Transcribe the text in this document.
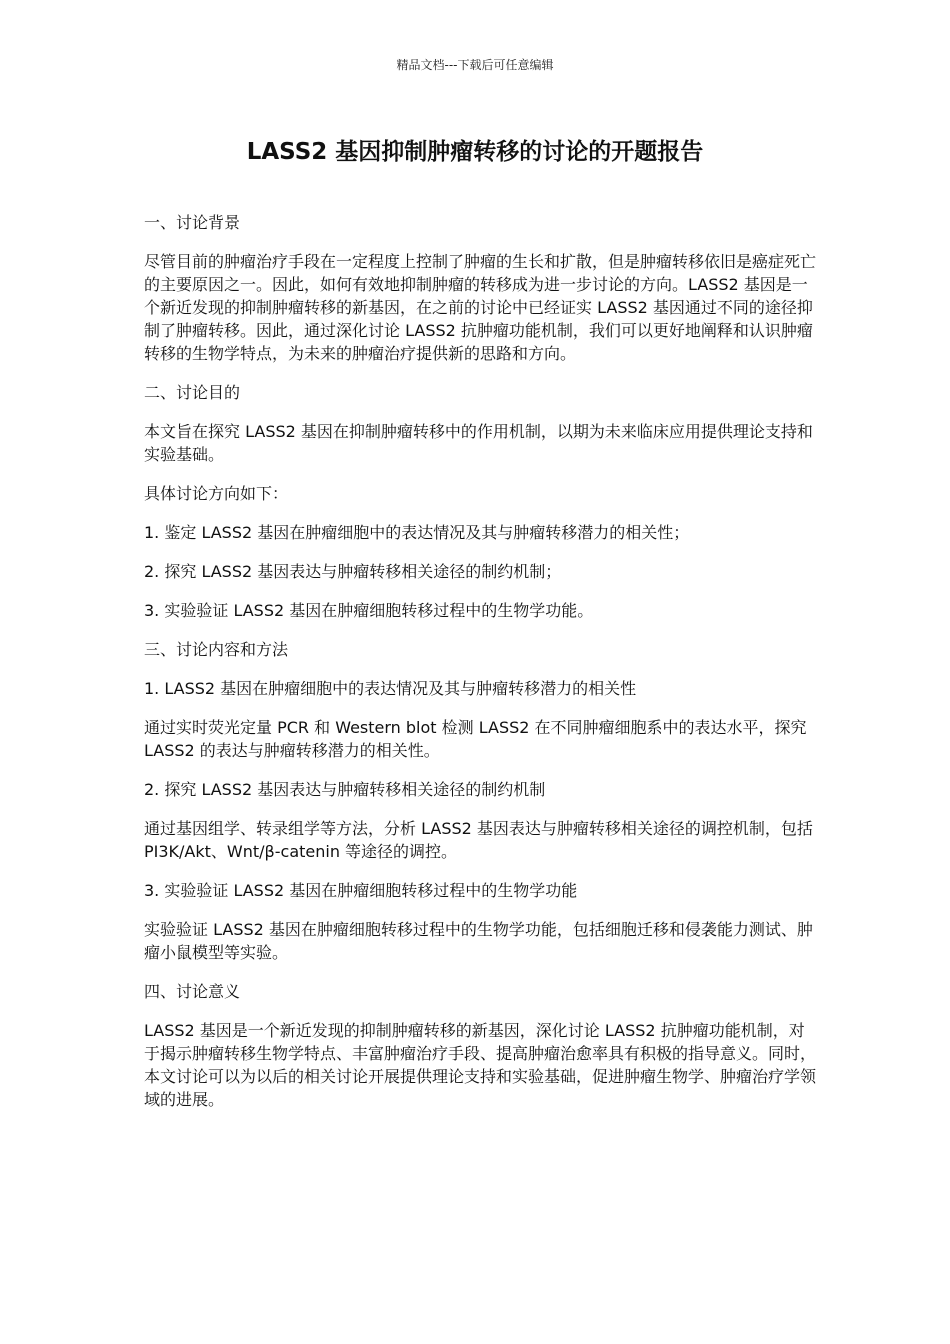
精品文档---下载后可任意编辑
LASS2 基因抑制肿瘤转移的讨论的开题报告

一、讨论背景

尽管目前的肿瘤治疗手段在一定程度上控制了肿瘤的生长和扩散，但是肿瘤转移依旧是癌症死亡的主要原因之一。因此，如何有效地抑制肿瘤的转移成为进一步讨论的方向。LASS2 基因是一个新近发现的抑制肿瘤转移的新基因，在之前的讨论中已经证实 LASS2 基因通过不同的途径抑制了肿瘤转移。因此，通过深化讨论 LASS2 抗肿瘤功能机制，我们可以更好地阐释和认识肿瘤转移的生物学特点，为未来的肿瘤治疗提供新的思路和方向。

二、讨论目的

本文旨在探究 LASS2 基因在抑制肿瘤转移中的作用机制，以期为未来临床应用提供理论支持和实验基础。

具体讨论方向如下：

1. 鉴定 LASS2 基因在肿瘤细胞中的表达情况及其与肿瘤转移潜力的相关性；

2. 探究 LASS2 基因表达与肿瘤转移相关途径的制约机制；

3. 实验验证 LASS2 基因在肿瘤细胞转移过程中的生物学功能。

三、讨论内容和方法

1. LASS2 基因在肿瘤细胞中的表达情况及其与肿瘤转移潜力的相关性

通过实时荧光定量 PCR 和 Western blot 检测 LASS2 在不同肿瘤细胞系中的表达水平，探究 LASS2 的表达与肿瘤转移潜力的相关性。

2. 探究 LASS2 基因表达与肿瘤转移相关途径的制约机制

通过基因组学、转录组学等方法，分析 LASS2 基因表达与肿瘤转移相关途径的调控机制，包括 PI3K/Akt、Wnt/β-catenin 等途径的调控。

3. 实验验证 LASS2 基因在肿瘤细胞转移过程中的生物学功能

实验验证 LASS2 基因在肿瘤细胞转移过程中的生物学功能，包括细胞迁移和侵袭能力测试、肿瘤小鼠模型等实验。

四、讨论意义

LASS2 基因是一个新近发现的抑制肿瘤转移的新基因，深化讨论 LASS2 抗肿瘤功能机制，对于揭示肿瘤转移生物学特点、丰富肿瘤治疗手段、提高肿瘤治愈率具有积极的指导意义。同时，本文讨论可以为以后的相关讨论开展提供理论支持和实验基础，促进肿瘤生物学、肿瘤治疗学领域的进展。
